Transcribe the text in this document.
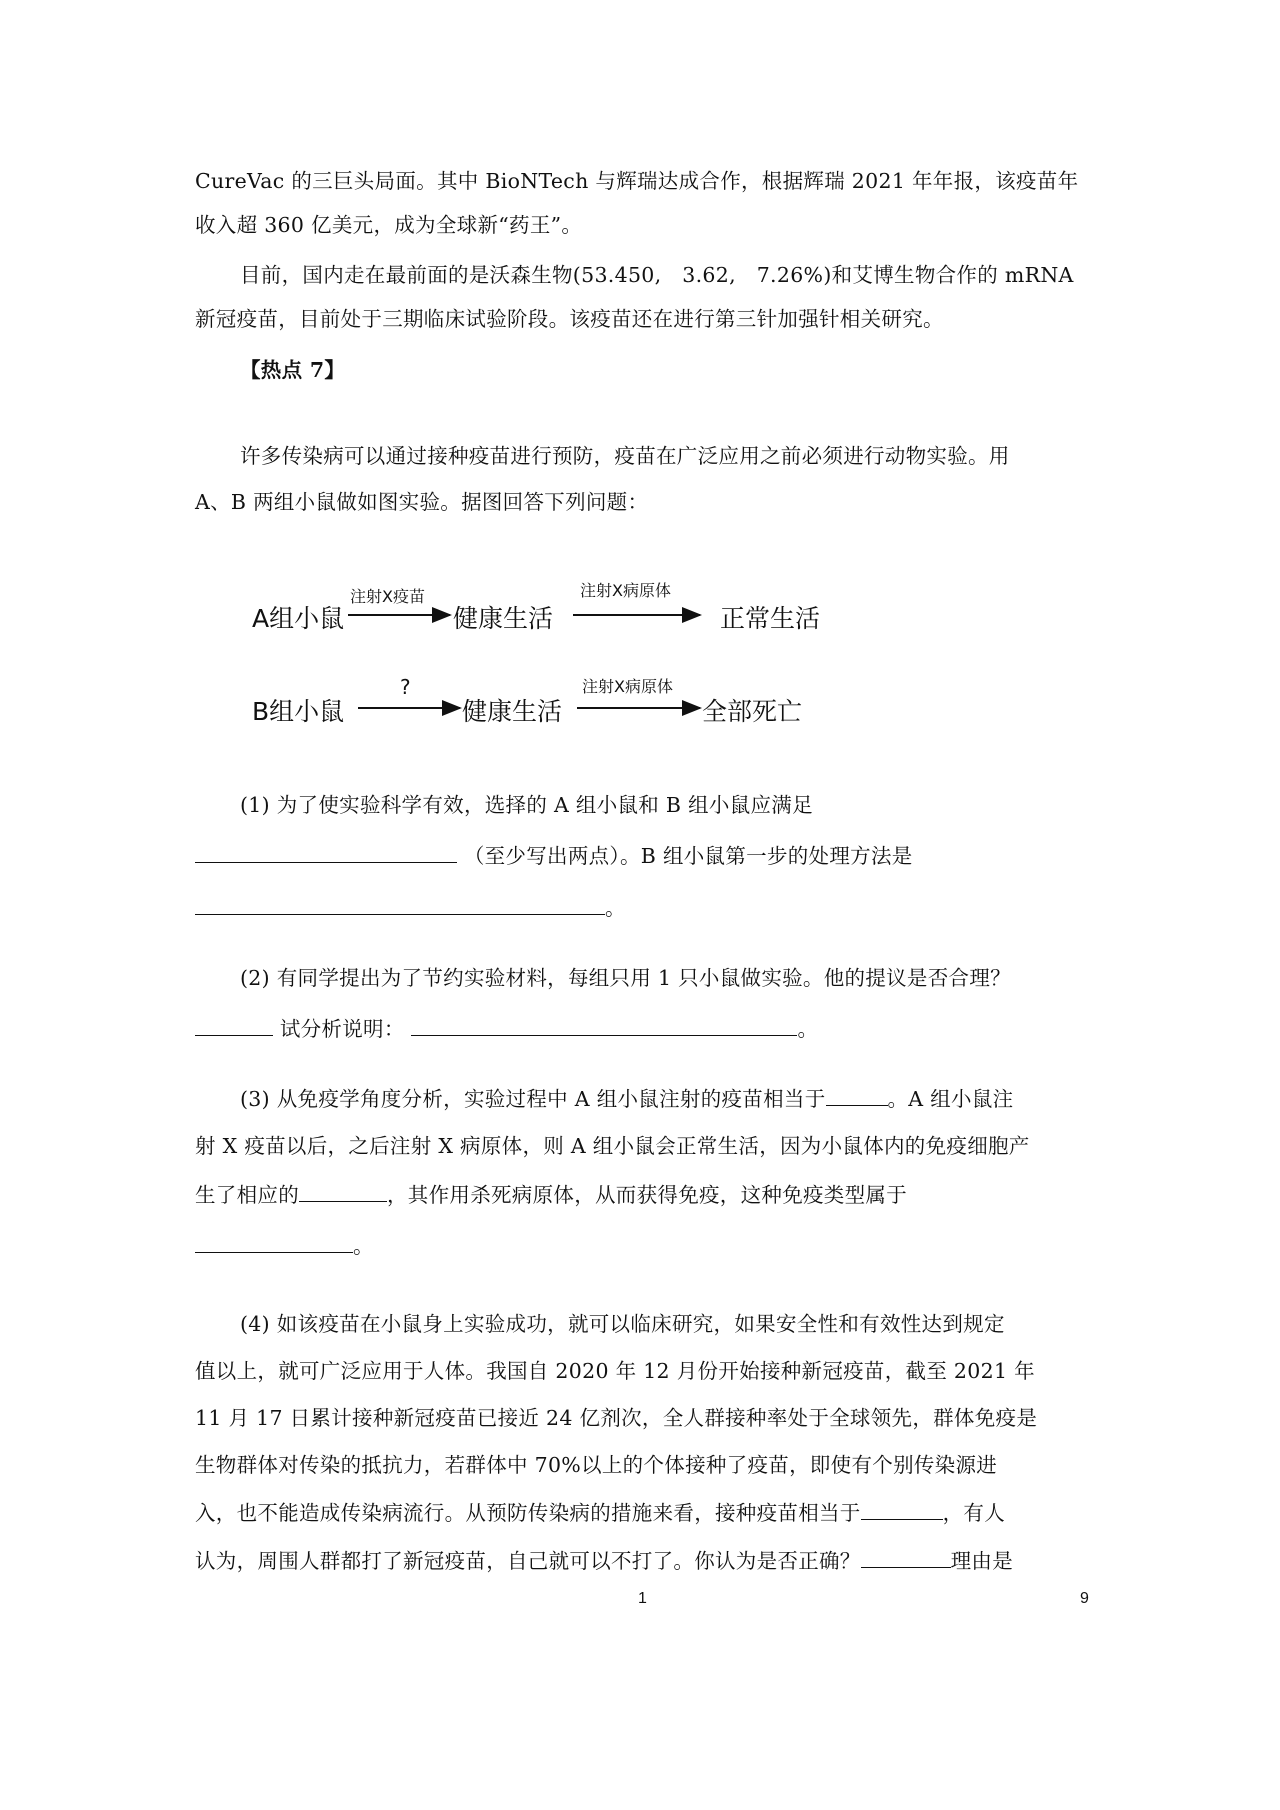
CureVac 的三巨头局面。其中 BioNTech 与辉瑞达成合作，根据辉瑞 2021 年年报，该疫苗年
收入超 360 亿美元，成为全球新“药王”。
目前，国内走在最前面的是沃森生物(53.450,　3.62,　7.26%)和艾博生物合作的 mRNA
新冠疫苗，目前处于三期临床试验阶段。该疫苗还在进行第三针加强针相关研究。
【热点 7】
许多传染病可以通过接种疫苗进行预防，疫苗在广泛应用之前必须进行动物实验。用
A、B 两组小鼠做如图实验。据图回答下列问题：
A组小鼠
注射X疫苗
健康生活
注射X病原体
正常生活
B组小鼠
?
健康生活
注射X病原体
全部死亡
(1) 为了使实验科学有效，选择的 A 组小鼠和 B 组小鼠应满足
（至少写出两点）。B 组小鼠第一步的处理方法是
。
(2) 有同学提出为了节约实验材料，每组只用 1 只小鼠做实验。他的提议是否合理？
试分析说明：	。
(3) 从免疫学角度分析，实验过程中 A 组小鼠注射的疫苗相当于	。A 组小鼠注
射 X 疫苗以后，之后注射 X 病原体，则 A 组小鼠会正常生活，因为小鼠体内的免疫细胞产
生了相应的	，其作用杀死病原体，从而获得免疫，这种免疫类型属于
。
(4) 如该疫苗在小鼠身上实验成功，就可以临床研究，如果安全性和有效性达到规定
值以上，就可广泛应用于人体。我国自 2020 年 12 月份开始接种新冠疫苗，截至 2021 年
11 月 17 日累计接种新冠疫苗已接近 24 亿剂次，全人群接种率处于全球领先，群体免疫是
生物群体对传染的抵抗力，若群体中 70%以上的个体接种了疫苗，即使有个别传染源进
入，也不能造成传染病流行。从预防传染病的措施来看，接种疫苗相当于	，有人
认为，周围人群都打了新冠疫苗，自己就可以不打了。你认为是否正确？	理由是
1	9
